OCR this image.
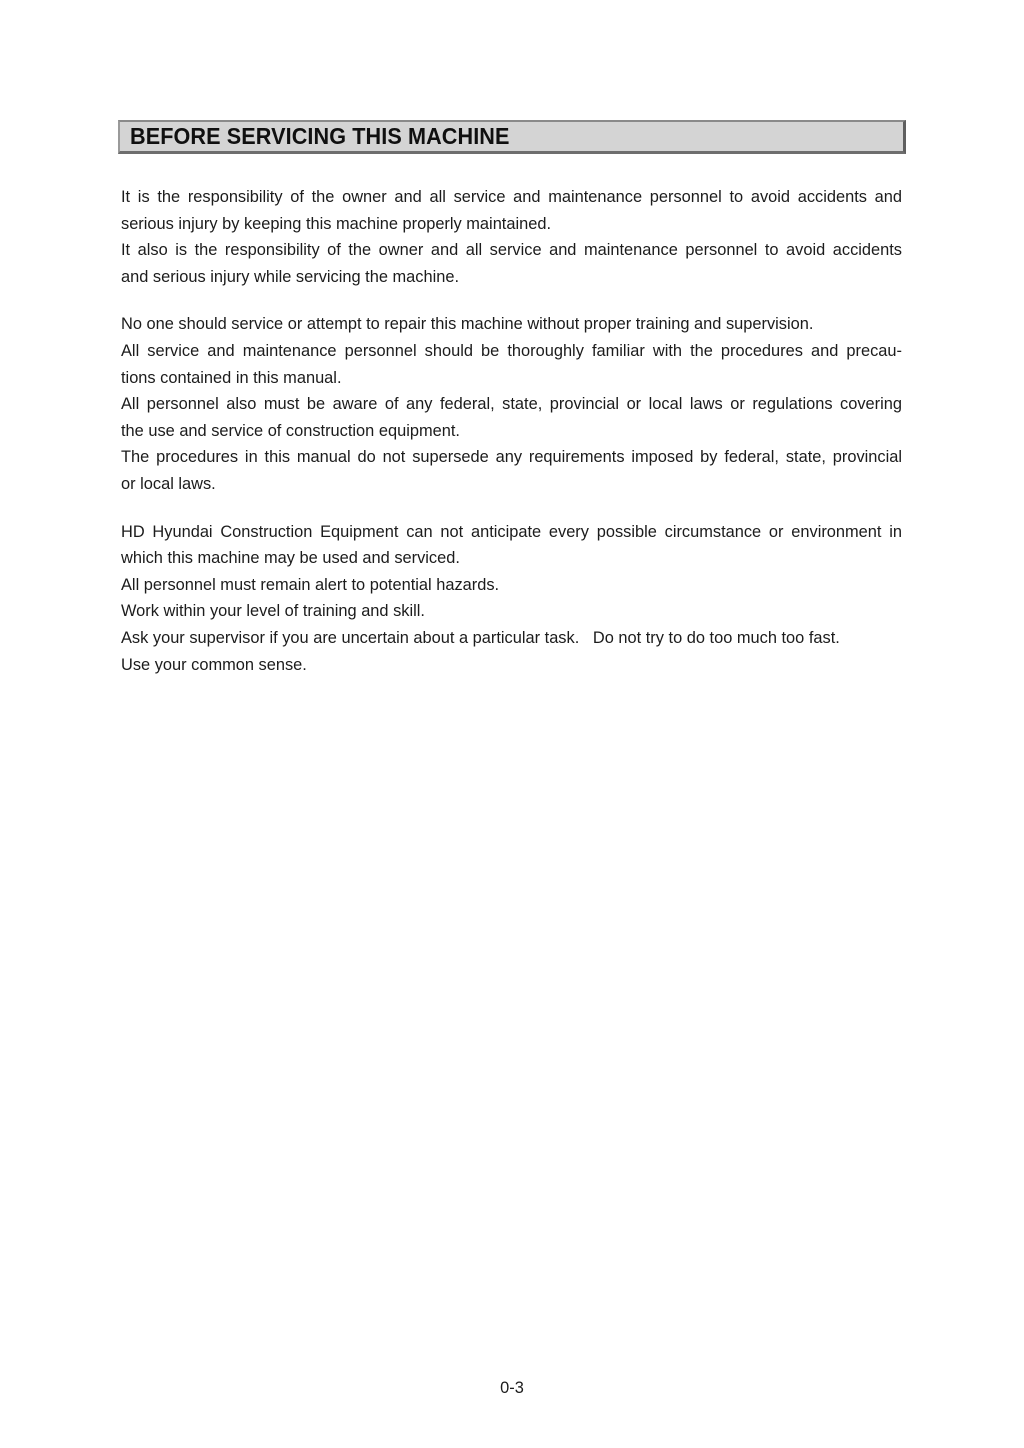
BEFORE SERVICING THIS MACHINE

It is the responsibility of the owner and all service and maintenance personnel to avoid accidents and
serious injury by keeping this machine properly maintained.
It also is the responsibility of the owner and all service and maintenance personnel to avoid accidents
and serious injury while servicing the machine.

No one should service or attempt to repair this machine without proper training and supervision.
All service and maintenance personnel should be thoroughly familiar with the procedures and precau-
tions contained in this manual.
All personnel also must be aware of any federal, state, provincial or local laws or regulations covering
the use and service of construction equipment.
The procedures in this manual do not supersede any requirements imposed by federal, state, provincial
or local laws.

HD Hyundai Construction Equipment can not anticipate every possible circumstance or environment in
which this machine may be used and serviced.
All personnel must remain alert to potential hazards.
Work within your level of training and skill.
Ask your supervisor if you are uncertain about a particular task.   Do not try to do too much too fast.
Use your common sense.

0-3
